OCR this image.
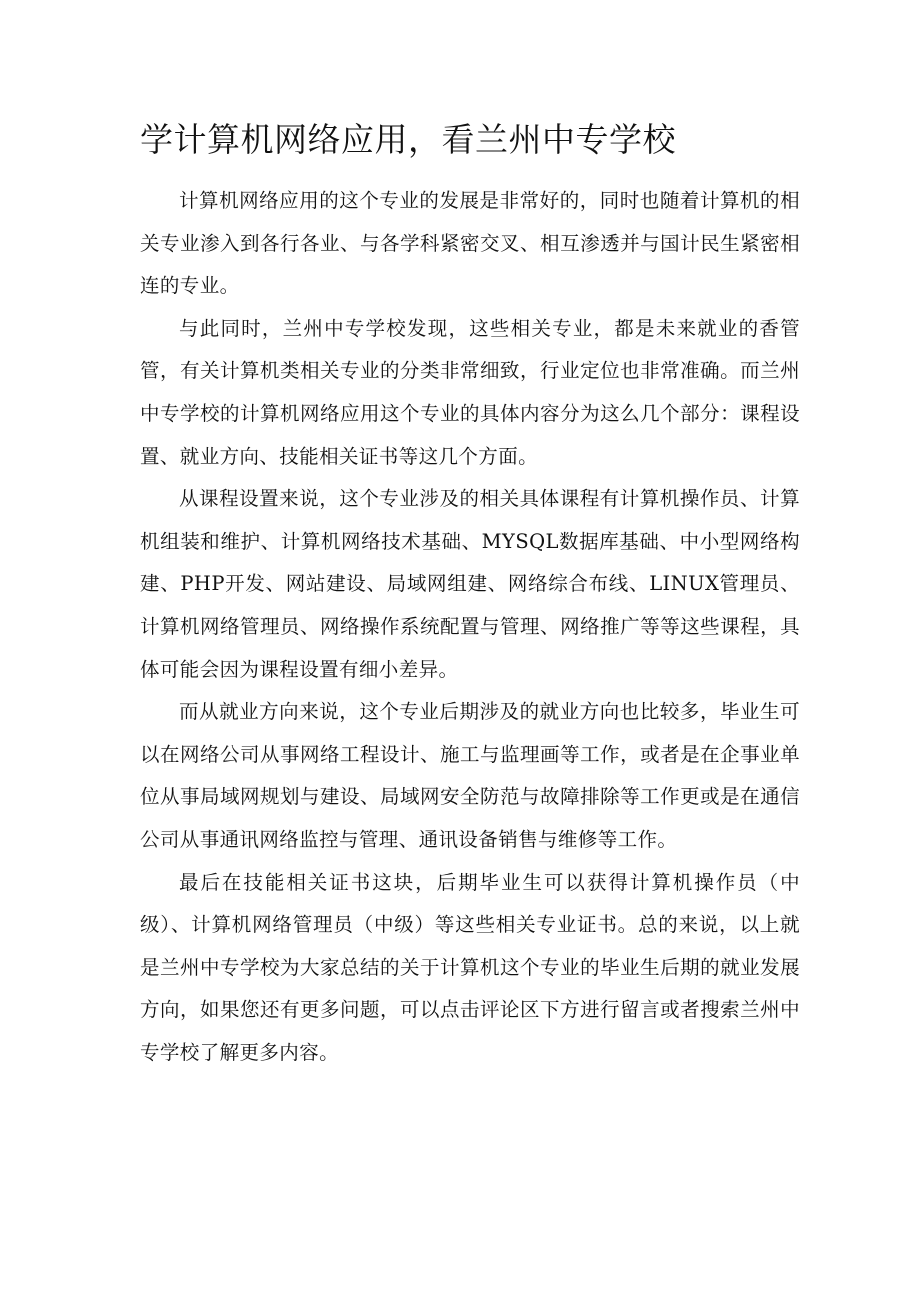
学计算机网络应用，看兰州中专学校

计算机网络应用的这个专业的发展是非常好的，同时也随着计算机的相关专业渗入到各行各业、与各学科紧密交叉、相互渗透并与国计民生紧密相连的专业。

与此同时，兰州中专学校发现，这些相关专业，都是未来就业的香管管，有关计算机类相关专业的分类非常细致，行业定位也非常准确。而兰州中专学校的计算机网络应用这个专业的具体内容分为这么几个部分：课程设置、就业方向、技能相关证书等这几个方面。

从课程设置来说，这个专业涉及的相关具体课程有计算机操作员、计算机组装和维护、计算机网络技术基础、MYSQL数据库基础、中小型网络构建、PHP开发、网站建设、局域网组建、网络综合布线、LINUX管理员、计算机网络管理员、网络操作系统配置与管理、网络推广等等这些课程，具体可能会因为课程设置有细小差异。

而从就业方向来说，这个专业后期涉及的就业方向也比较多，毕业生可以在网络公司从事网络工程设计、施工与监理画等工作，或者是在企事业单位从事局域网规划与建设、局域网安全防范与故障排除等工作更或是在通信公司从事通讯网络监控与管理、通讯设备销售与维修等工作。

最后在技能相关证书这块，后期毕业生可以获得计算机操作员（中级）、计算机网络管理员（中级）等这些相关专业证书。总的来说，以上就是兰州中专学校为大家总结的关于计算机这个专业的毕业生后期的就业发展方向，如果您还有更多问题，可以点击评论区下方进行留言或者搜索兰州中专学校了解更多内容。
